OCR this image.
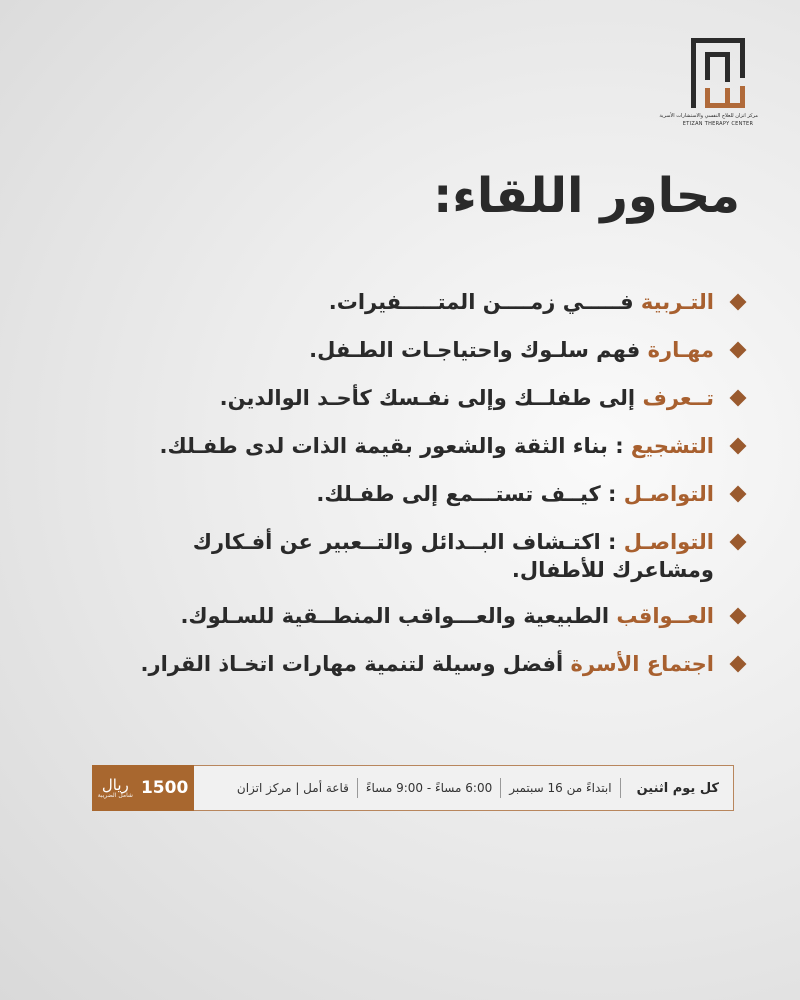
مركز اتزان للعلاج النفسي والاستشارات الأسرية
ETIZAN THERAPY CENTER
محاور اللقاء:
التـربية فـــــي زمــــن المتـــــفيرات.
مهـارة فهم سلـوك واحتياجـات الطـفل.
تــعرف إلى طفلــك وإلى نفـسك كأحـد الوالدين.
التشجيع : بناء الثقة والشعور بقيمة الذات لدى طفـلك.
التواصـل : كيــف تستـــمع إلى طفـلك.
التواصـل : اكتـشاف البــدائل والتــعبير عن أفـكارك ومشاعرك للأطفال.
العــواقب الطبيعية والعـــواقب المنطــقية للسـلوك.
اجتماع الأسرة أفضل وسيلة لتنمية مهارات اتخـاذ القرار.
كل يوم اثنين
ابتداءً من 16 سبتمبر
6:00 مساءً - 9:00 مساءً
قاعة أمل | مركز اتزان
ريال
شامل الضريبة 1500
